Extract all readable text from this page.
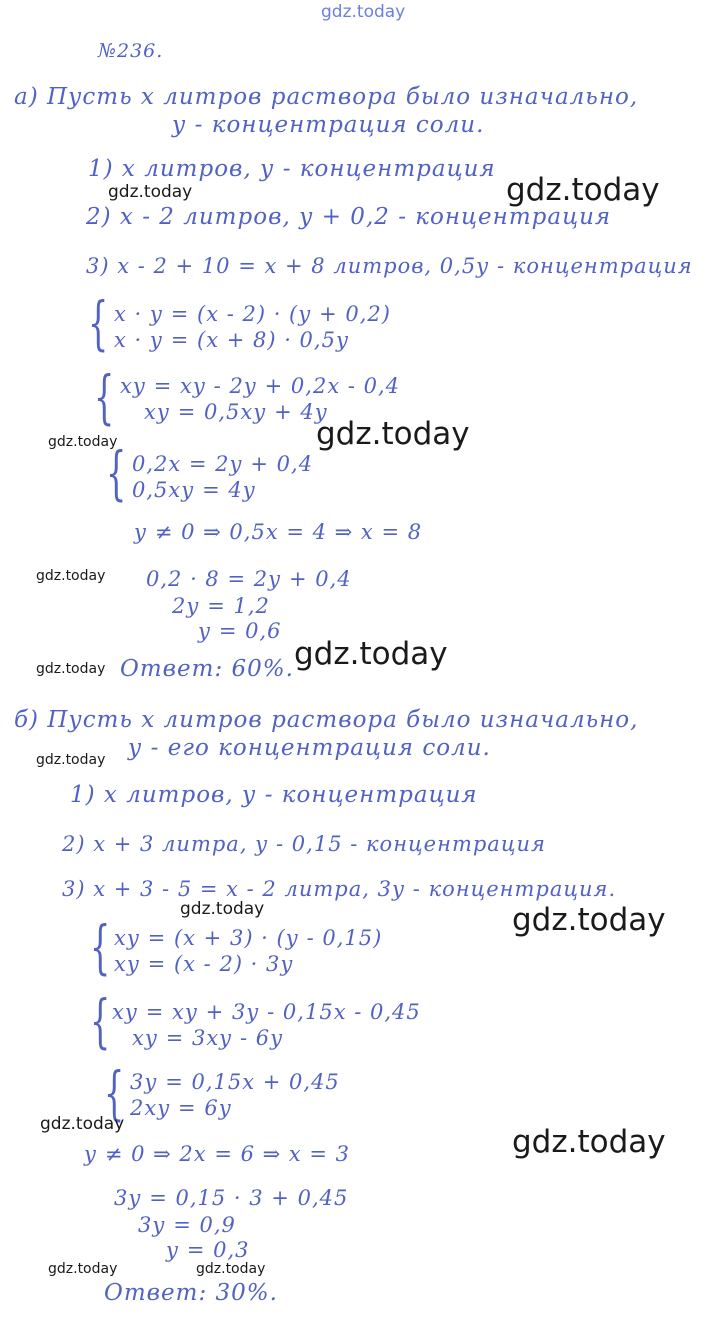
gdz.today
№236.
а) Пусть х литров раствора было изначально,
у - концентрация соли.
1) х литров, у - концентрация
2) х - 2 литров, у + 0,2 - концентрация
3) х - 2 + 10 = х + 8 литров, 0,5у - концентрация
{ х · у = (х - 2) · (у + 0,2)
х · у = (х + 8) · 0,5у
{ ху = ху - 2у + 0,2х - 0,4
ху = 0,5ху + 4у
{ 0,2х = 2у + 0,4
0,5ху = 4у
у ≠ 0 ⇒ 0,5х = 4 ⇒ х = 8
0,2 · 8 = 2у + 0,4
2у = 1,2
у = 0,6
Ответ: 60%.
б) Пусть х литров раствора было изначально,
у - его концентрация соли.
1) х литров, у - концентрация
2) х + 3 литра, у - 0,15 - концентрация
3) х + 3 - 5 = х - 2 литра, 3у - концентрация.
{ ху = (х + 3) · (у - 0,15)
ху = (х - 2) · 3у
{ ху = ху + 3у - 0,15х - 0,45
ху = 3ху - 6у
{ 3у = 0,15х + 0,45
2ху = 6у
у ≠ 0 ⇒ 2х = 6 ⇒ х = 3
3у = 0,15 · 3 + 0,45
3у = 0,9
у = 0,3
Ответ: 30%.
gdz.today	gdz.today
gdz.today	gdz.today
gdz.today
gdz.today	gdz.today
gdz.today
gdz.today	gdz.today
gdz.today	gdz.today
gdz.today	gdz.today
